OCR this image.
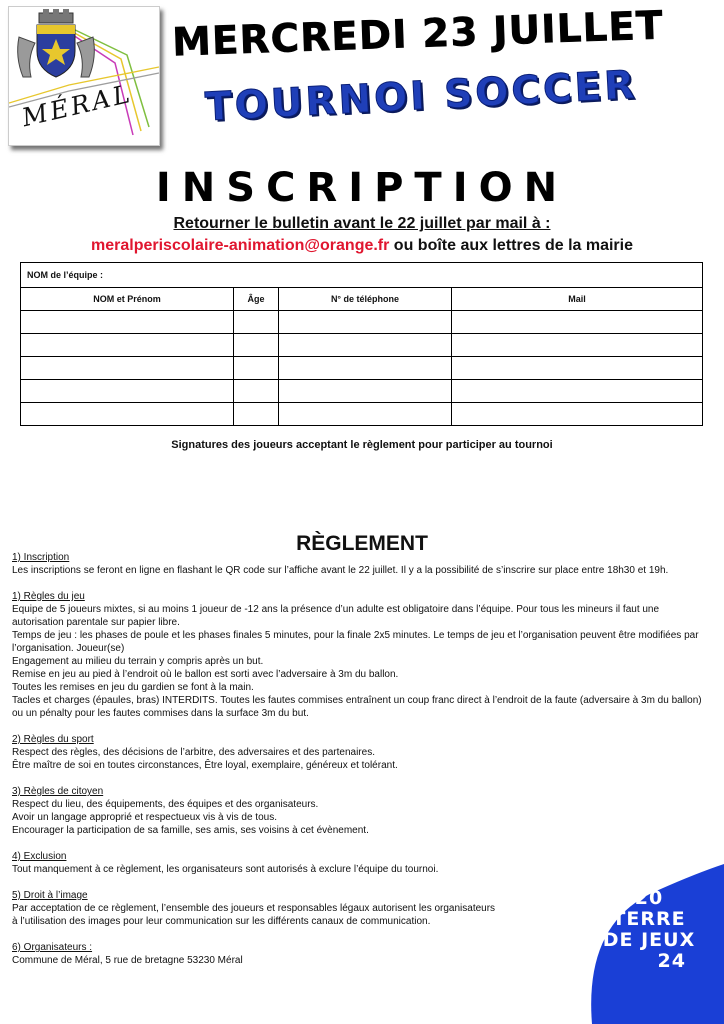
MÉRAL
MERCREDI 23 JUILLET
TOURNOI SOCCER
INSCRIPTION
Retourner le bulletin avant le 22 juillet par mail à :
meralperiscolaire-animation@orange.fr ou boîte aux lettres de la mairie
NOM de l’équipe :			
NOM et Prénom	Âge	N° de téléphone	Mail

Signatures des joueurs acceptant le règlement pour participer au tournoi
RÈGLEMENT
1) Inscription
Les inscriptions se feront en ligne en flashant le QR code sur l’affiche avant le 22 juillet. Il y a la possibilité de s’inscrire sur place entre 18h30 et 19h.
1) Règles du jeu
Equipe de 5 joueurs mixtes, si au moins 1 joueur de -12 ans la présence d’un adulte est obligatoire dans l’équipe. Pour tous les mineurs il faut une autorisation parentale sur papier libre.
Temps de jeu : les phases de poule et les phases finales 5 minutes, pour la finale 2x5 minutes. Le temps de jeu et l’organisation peuvent être modifiées par l’organisation. Joueur(se)
Engagement au milieu du terrain y compris après un but.
Remise en jeu au pied à l’endroit où le ballon est sorti avec l’adversaire à 3m du ballon.
Toutes les remises en jeu du gardien se font à la main.
Tacles et charges (épaules, bras) INTERDITS. Toutes les fautes commises entraînent un coup franc direct à l’endroit de la faute (adversaire à 3m du ballon) ou un pénalty pour les fautes commises dans la surface 3m du but.
2) Règles du sport
Respect des règles, des décisions de l’arbitre, des adversaires et des partenaires.
Être maître de soi en toutes circonstances, Être loyal, exemplaire, généreux et tolérant.
3) Règles de citoyen
Respect du lieu, des équipements, des équipes et des organisateurs.
Avoir un langage approprié et respectueux vis à vis de tous.
Encourager la participation de sa famille, ses amis, ses voisins à cet évènement.
4) Exclusion
Tout manquement à ce règlement, les organisateurs sont autorisés à exclure l’équipe du tournoi.
5) Droit à l’image
Par acceptation de ce règlement, l’ensemble des joueurs et responsables légaux autorisent les organisateurs
à l’utilisation des images pour leur communication sur les différents canaux de communication.
6) Organisateurs :
Commune de Méral, 5 rue de bretagne 53230 Méral
20
TERRE
DE JEUX
24
